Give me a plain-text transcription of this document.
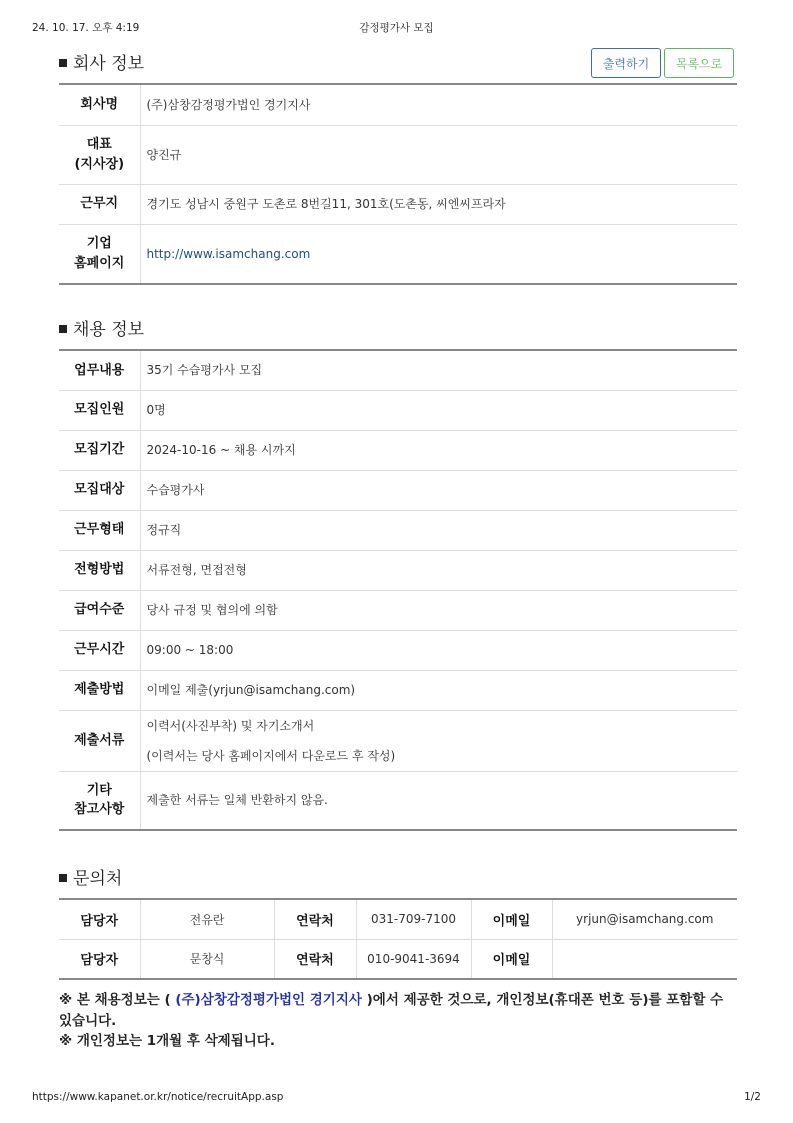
24. 10. 17. 오후 4:19	감정평가사 모집
회사 정보	출력하기	목록으로
회사명	(주)삼창감정평가법인 경기지사

대표
(지사장)	양진규
근무지	경기도 성남시 중원구 도촌로 8번길11, 301호(도촌동, 씨엔씨프라자

기업
홈페이지	http://www.isamchang.com
채용 정보
업무내용	35기 수습평가사 모집
모집인원	0명
모집기간	2024-10-16 ~ 채용 시까지
모집대상	수습평가사
근무형태	정규직
전형방법	서류전형, 면접전형
급여수준	당사 규정 및 협의에 의함
근무시간	09:00 ~ 18:00
제출방법	이메일 제출(yrjun@isamchang.com)
제출서류	이력서(사진부착) 및 자기소개서
(이력서는 당사 홈페이지에서 다운로드 후 작성)

기타
참고사항	제출한 서류는 일체 반환하지 않음.
문의처
담당자	전유란	연락처	031-709-7100	이메일	yrjun@isamchang.com
담당자	문창식	연락처	010-9041-3694	이메일	
※ 본 채용정보는 ( (주)삼창감정평가법인 경기지사 )에서 제공한 것으로, 개인정보(휴대폰 번호 등)를 포함할 수 있습니다.
※ 개인정보는 1개월 후 삭제됩니다.
https://www.kapanet.or.kr/notice/recruitApp.asp	1/2
